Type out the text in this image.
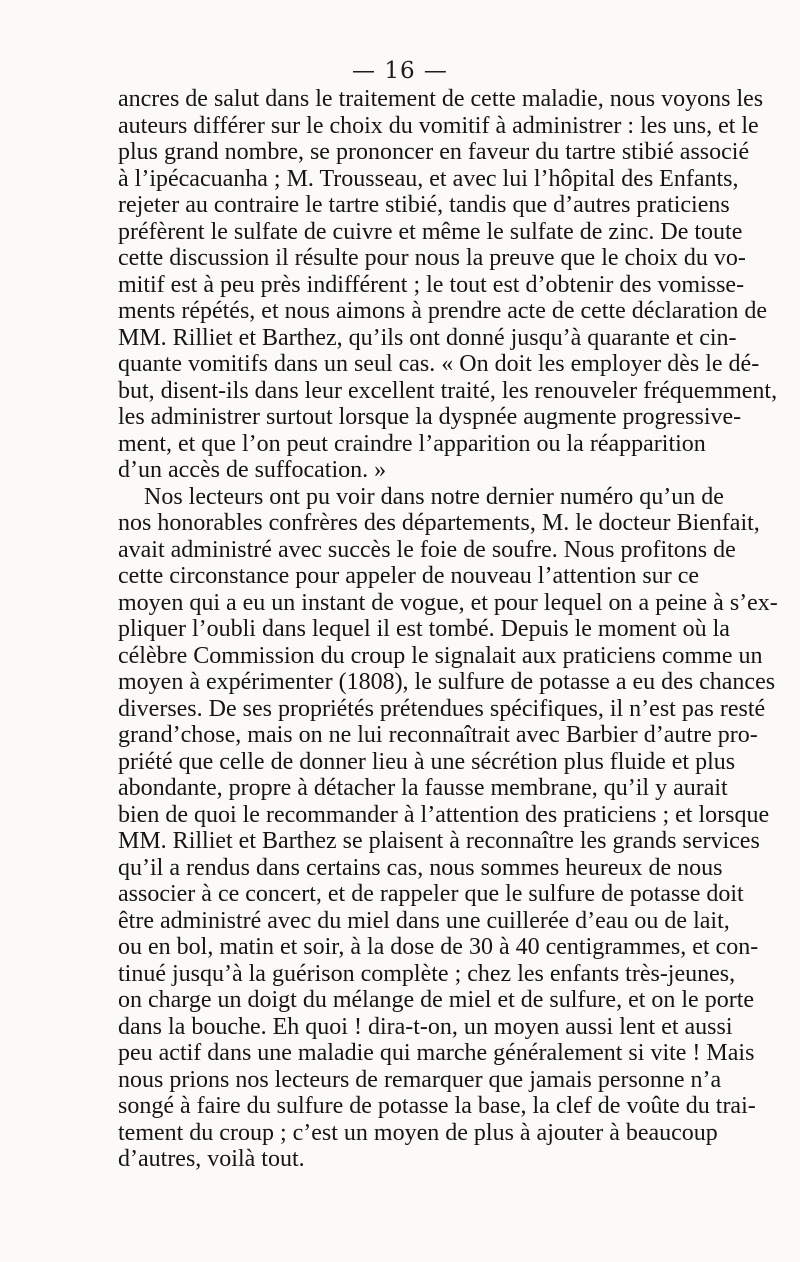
— 16 —
ancres de salut dans le traitement de cette maladie, nous voyons les
auteurs différer sur le choix du vomitif à administrer : les uns, et le
plus grand nombre, se prononcer en faveur du tartre stibié associé
à l’ipécacuanha ; M. Trousseau, et avec lui l’hôpital des Enfants,
rejeter au contraire le tartre stibié, tandis que d’autres praticiens
préfèrent le sulfate de cuivre et même le sulfate de zinc. De toute
cette discussion il résulte pour nous la preuve que le choix du vo-
mitif est à peu près indifférent ; le tout est d’obtenir des vomisse-
ments répétés, et nous aimons à prendre acte de cette déclaration de
MM. Rilliet et Barthez, qu’ils ont donné jusqu’à quarante et cin-
quante vomitifs dans un seul cas. « On doit les employer dès le dé-
but, disent-ils dans leur excellent traité, les renouveler fréquemment,
les administrer surtout lorsque la dyspnée augmente progressive-
ment, et que l’on peut craindre l’apparition ou la réapparition
d’un accès de suffocation. »
Nos lecteurs ont pu voir dans notre dernier numéro qu’un de
nos honorables confrères des départements, M. le docteur Bienfait,
avait administré avec succès le foie de soufre. Nous profitons de
cette circonstance pour appeler de nouveau l’attention sur ce
moyen qui a eu un instant de vogue, et pour lequel on a peine à s’ex-
pliquer l’oubli dans lequel il est tombé. Depuis le moment où la
célèbre Commission du croup le signalait aux praticiens comme un
moyen à expérimenter (1808), le sulfure de potasse a eu des chances
diverses. De ses propriétés prétendues spécifiques, il n’est pas resté
grand’chose, mais on ne lui reconnaîtrait avec Barbier d’autre pro-
priété que celle de donner lieu à une sécrétion plus fluide et plus
abondante, propre à détacher la fausse membrane, qu’il y aurait
bien de quoi le recommander à l’attention des praticiens ; et lorsque
MM. Rilliet et Barthez se plaisent à reconnaître les grands services
qu’il a rendus dans certains cas, nous sommes heureux de nous
associer à ce concert, et de rappeler que le sulfure de potasse doit
être administré avec du miel dans une cuillerée d’eau ou de lait,
ou en bol, matin et soir, à la dose de 30 à 40 centigrammes, et con-
tinué jusqu’à la guérison complète ; chez les enfants très-jeunes,
on charge un doigt du mélange de miel et de sulfure, et on le porte
dans la bouche. Eh quoi ! dira-t-on, un moyen aussi lent et aussi
peu actif dans une maladie qui marche généralement si vite ! Mais
nous prions nos lecteurs de remarquer que jamais personne n’a
songé à faire du sulfure de potasse la base, la clef de voûte du trai-
tement du croup ; c’est un moyen de plus à ajouter à beaucoup
d’autres, voilà tout.
